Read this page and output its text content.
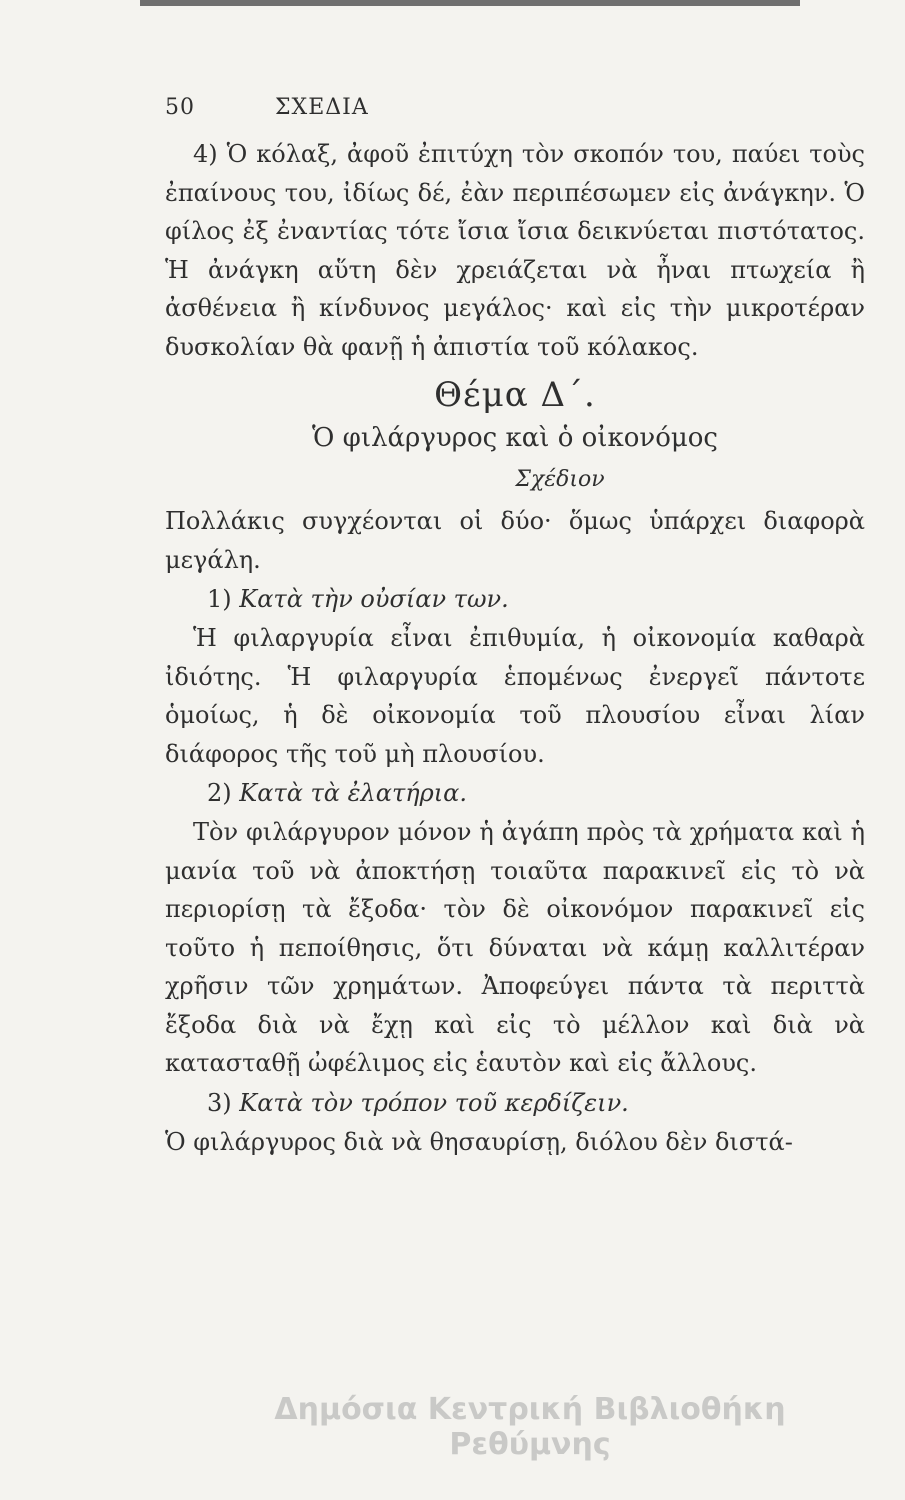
50	ΣΧΕΔΙΑ

4) Ὁ κόλαξ, ἀφοῦ ἐπιτύχη τὸν σκοπόν του, παύει τοὺς ἐπαίνους του, ἰδίως δέ, ἐὰν περιπέσωμεν εἰς ἀνάγκην. Ὁ φίλος ἐξ ἐναντίας τότε ἴσια ἴσια δεικνύεται πιστότατος. Ἡ ἀνάγκη αὕτη δὲν χρειάζεται νὰ ἦναι πτωχεία ἢ ἀσθένεια ἢ κίνδυνος μεγάλος· καὶ εἰς τὴν μικροτέραν δυσκολίαν θὰ φανῇ ἡ ἀπιστία τοῦ κόλακος.

Θέμα Δ΄.
Ὁ φιλάργυρος καὶ ὁ οἰκονόμος
Σχέδιον

Πολλάκις συγχέονται οἱ δύο· ὅμως ὑπάρχει διαφορὰ μεγάλη.

1) Κατὰ τὴν οὐσίαν των.

Ἡ φιλαργυρία εἶναι ἐπιθυμία, ἡ οἰκονομία καθαρὰ ἰδιότης. Ἡ φιλαργυρία ἑπομένως ἐνεργεῖ πάντοτε ὁμοίως, ἡ δὲ οἰκονομία τοῦ πλουσίου εἶναι λίαν διάφορος τῆς τοῦ μὴ πλουσίου.

2) Κατὰ τὰ ἐλατήρια.

Τὸν φιλάργυρον μόνον ἡ ἀγάπη πρὸς τὰ χρήματα καὶ ἡ μανία τοῦ νὰ ἀποκτήσῃ τοιαῦτα παρακινεῖ εἰς τὸ νὰ περιορίσῃ τὰ ἔξοδα· τὸν δὲ οἰκονόμον παρακινεῖ εἰς τοῦτο ἡ πεποίθησις, ὅτι δύναται νὰ κάμῃ καλλιτέραν χρῆσιν τῶν χρημάτων. Ἀποφεύγει πάντα τὰ περιττὰ ἔξοδα διὰ νὰ ἔχῃ καὶ εἰς τὸ μέλλον καὶ διὰ νὰ κατασταθῇ ὠφέλιμος εἰς ἑαυτὸν καὶ εἰς ἄλλους.

3) Κατὰ τὸν τρόπον τοῦ κερδίζειν.

Ὁ φιλάργυρος διὰ νὰ θησαυρίσῃ, διόλου δὲν διστά-

Δημόσια Κεντρική Βιβλιοθήκη Ρεθύμνης
